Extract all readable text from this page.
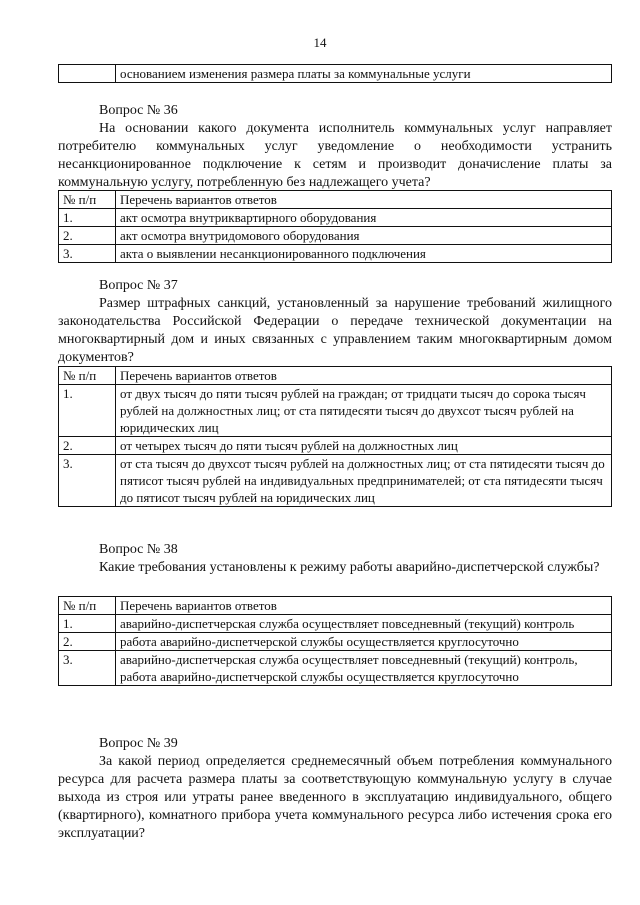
14
	основанием изменения размера платы за коммунальные услуги
Вопрос № 36
На основании какого документа исполнитель коммунальных услуг направляет потребителю коммунальных услуг уведомление о необходимости устранить несанкционированное подключение к сетям и производит доначисление платы за коммунальную услугу, потребленную без надлежащего учета?
№ п/п	Перечень вариантов ответов
1.	акт осмотра внутриквартирного оборудования
2.	акт осмотра внутридомового оборудования
3.	акта о выявлении несанкционированного подключения
Вопрос № 37
Размер штрафных санкций, установленный за нарушение требований жилищного законодательства Российской Федерации о передаче технической документации на многоквартирный дом и иных связанных с управлением таким многоквартирным домом документов?
№ п/п	Перечень вариантов ответов
1.	от двух тысяч до пяти тысяч рублей на граждан; от тридцати тысяч до сорока тысяч рублей на должностных лиц; от ста пятидесяти тысяч до двухсот тысяч рублей на юридических лиц
2.	от четырех тысяч до пяти тысяч рублей на должностных лиц
3.	от ста тысяч до двухсот тысяч рублей на должностных лиц; от ста пятидесяти тысяч до пятисот тысяч рублей на индивидуальных предпринимателей; от ста пятидесяти тысяч до пятисот тысяч рублей на юридических лиц
Вопрос № 38
Какие требования установлены к режиму работы аварийно-диспетчерской службы?
№ п/п	Перечень вариантов ответов
1.	аварийно-диспетчерская служба осуществляет повседневный (текущий) контроль
2.	работа аварийно-диспетчерской службы осуществляется круглосуточно
3.	аварийно-диспетчерская служба осуществляет повседневный (текущий) контроль, работа аварийно-диспетчерской службы осуществляется круглосуточно
Вопрос № 39
За какой период определяется среднемесячный объем потребления коммунального ресурса для расчета размера платы за соответствующую коммунальную услугу в случае выхода из строя или утраты ранее введенного в эксплуатацию индивидуального, общего (квартирного), комнатного прибора учета коммунального ресурса либо истечения срока его эксплуатации?
